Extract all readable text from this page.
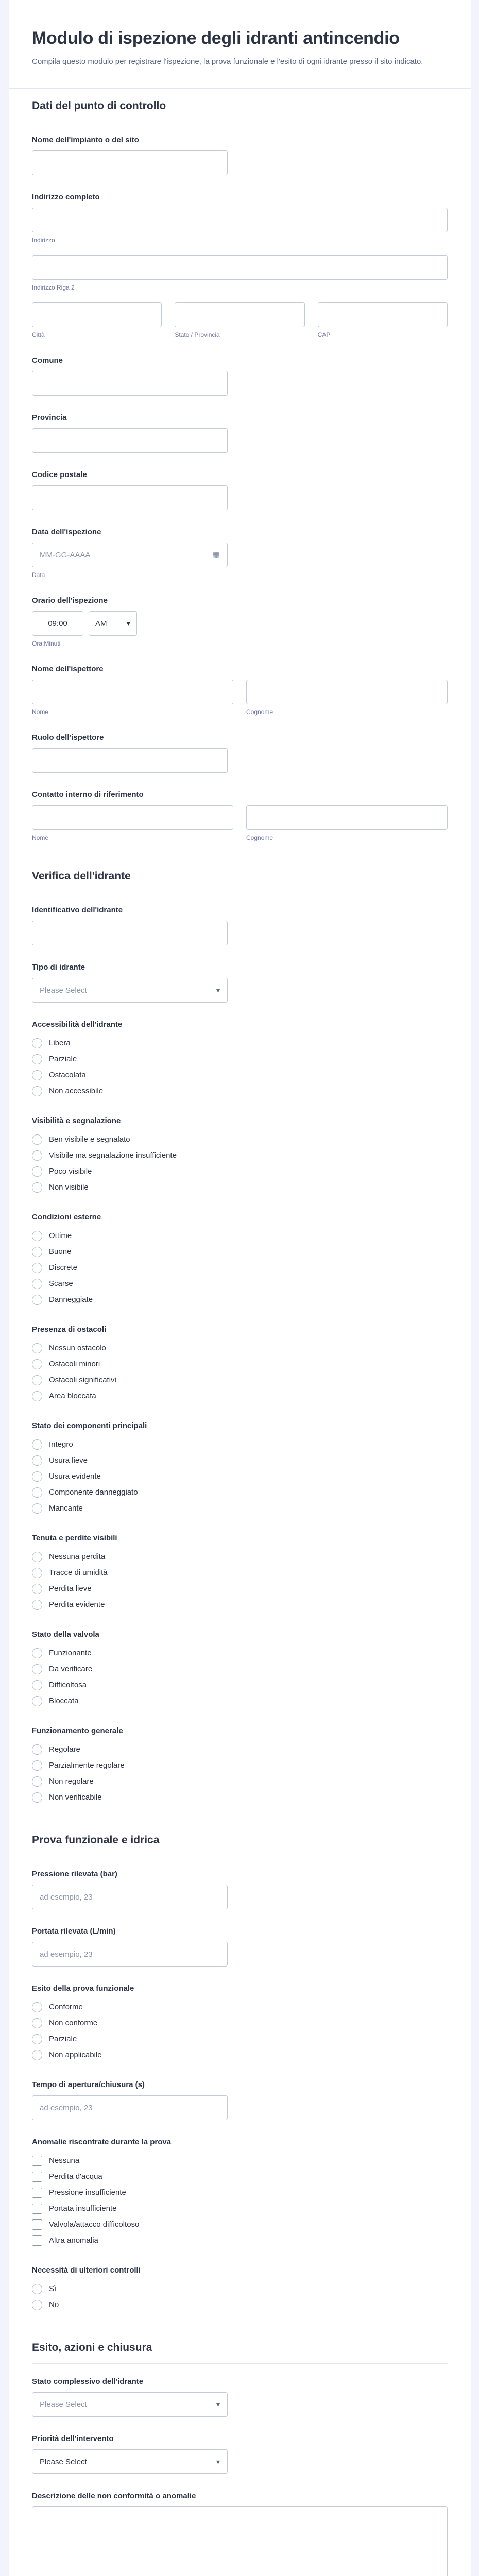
Modulo di ispezione degli idranti antincendio

Compila questo modulo per registrare l'ispezione, la prova funzionale e l'esito di ogni idrante presso il sito indicato.

Dati del punto di controllo
Nome dell'impianto o del sito
Indirizzo completo
Indirizzo
Indirizzo Riga 2
Città	Stato / Provincia	CAP
Comune
Provincia
Codice postale
Data dell'ispezione
MM-GG-AAAA	▦
Data
Orario dell'ispezione
09:00	AM	▾
Ora:Minuti
Nome dell'ispettore
Nome	Cognome
Ruolo dell'ispettore
Contatto interno di riferimento
Nome	Cognome
Verifica dell'idrante
Identificativo dell'idrante
Tipo di idrante
Please Select	▾
Accessibilità dell'idrante
Libera
Parziale
Ostacolata
Non accessibile
Visibilità e segnalazione
Ben visibile e segnalato
Visibile ma segnalazione insufficiente
Poco visibile
Non visibile
Condizioni esterne
Ottime
Buone
Discrete
Scarse
Danneggiate
Presenza di ostacoli
Nessun ostacolo
Ostacoli minori
Ostacoli significativi
Area bloccata
Stato dei componenti principali
Integro
Usura lieve
Usura evidente
Componente danneggiato
Mancante
Tenuta e perdite visibili
Nessuna perdita
Tracce di umidità
Perdita lieve
Perdita evidente
Stato della valvola
Funzionante
Da verificare
Difficoltosa
Bloccata
Funzionamento generale
Regolare
Parzialmente regolare
Non regolare
Non verificabile
Prova funzionale e idrica
Pressione rilevata (bar)
ad esempio, 23
Portata rilevata (L/min)
ad esempio, 23
Esito della prova funzionale
Conforme
Non conforme
Parziale
Non applicabile
Tempo di apertura/chiusura (s)
ad esempio, 23
Anomalie riscontrate durante la prova
Nessuna
Perdita d'acqua
Pressione insufficiente
Portata insufficiente
Valvola/attacco difficoltoso
Altra anomalia
Necessità di ulteriori controlli
Sì
No
Esito, azioni e chiusura
Stato complessivo dell'idrante
Please Select	▾
Priorità dell'intervento
Please Select	▾
Descrizione delle non conformità o anomalie
